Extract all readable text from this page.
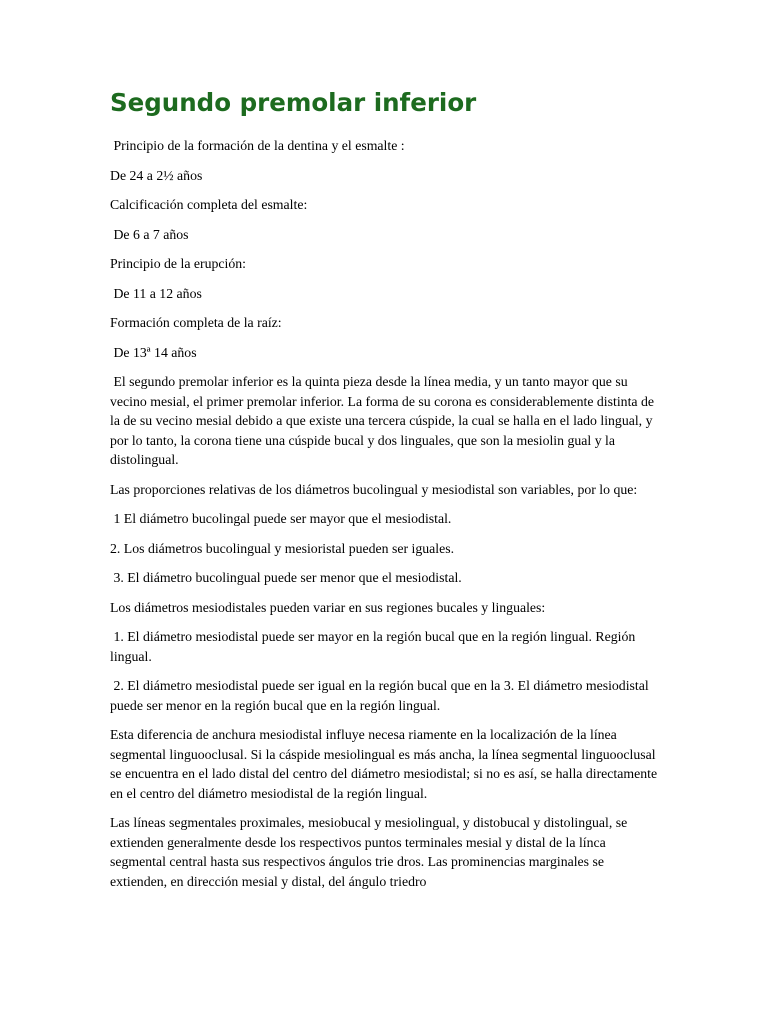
Segundo premolar inferior

Principio de la formación de la dentina y el esmalte :

De 24 a 2½ años

Calcificación completa del esmalte:

De 6 a 7 años

Principio de la erupción:

De 11 a 12 años

Formación completa de la raíz:

De 13ª 14 años

El segundo premolar inferior es la quinta pieza desde la línea media, y un tanto mayor que su vecino mesial, el primer premolar inferior. La forma de su corona es considerablemente distinta de la de su vecino mesial debido a que existe una tercera cúspide, la cual se halla en el lado lingual, y por lo tanto, la corona tiene una cúspide bucal y dos linguales, que son la mesiolin gual y la distolingual.

Las proporciones relativas de los diámetros bucolingual y mesiodistal son variables, por lo que:

1 El diámetro bucolingal puede ser mayor que el mesiodistal.

2. Los diámetros bucolingual y mesioristal pueden ser iguales.

3. El diámetro bucolingual puede ser menor que el mesiodistal.

Los diámetros mesiodistales pueden variar en sus regiones bucales y linguales:

1. El diámetro mesiodistal puede ser mayor en la región bucal que en la región lingual. Región lingual.

2. El diámetro mesiodistal puede ser igual en la región bucal que en la 3. El diámetro mesiodistal puede ser menor en la región bucal que en la región lingual.

Esta diferencia de anchura mesiodistal influye necesa riamente en la localización de la línea segmental linguooclusal. Si la cáspide mesiolingual es más ancha, la línea segmental linguooclusal se encuentra en el lado distal del centro del diámetro mesiodistal; si no es así, se halla directamente en el centro del diámetro mesiodistal de la región lingual.

Las líneas segmentales proximales, mesiobucal y mesiolingual, y distobucal y distolingual, se extienden generalmente desde los respectivos puntos terminales mesial y distal de la línca segmental central hasta sus respectivos ángulos trie dros. Las prominencias marginales se extienden, en dirección mesial y distal, del ángulo triedro
